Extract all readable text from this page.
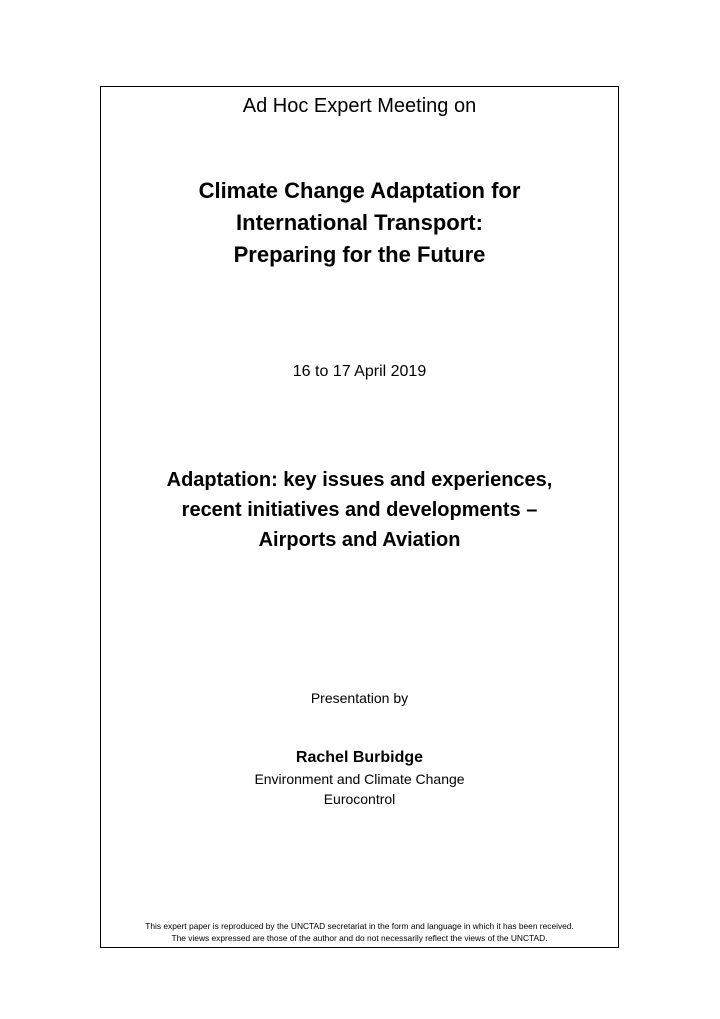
Ad Hoc Expert Meeting on
Climate Change Adaptation for
International Transport:
Preparing for the Future
16 to 17 April 2019
Adaptation: key issues and experiences,
recent initiatives and developments –
Airports and Aviation
Presentation by
Rachel Burbidge
Environment and Climate Change
Eurocontrol
This expert paper is reproduced by the UNCTAD secretariat in the form and language in which it has been received.
The views expressed are those of the author and do not necessarily reflect the views of the UNCTAD.
